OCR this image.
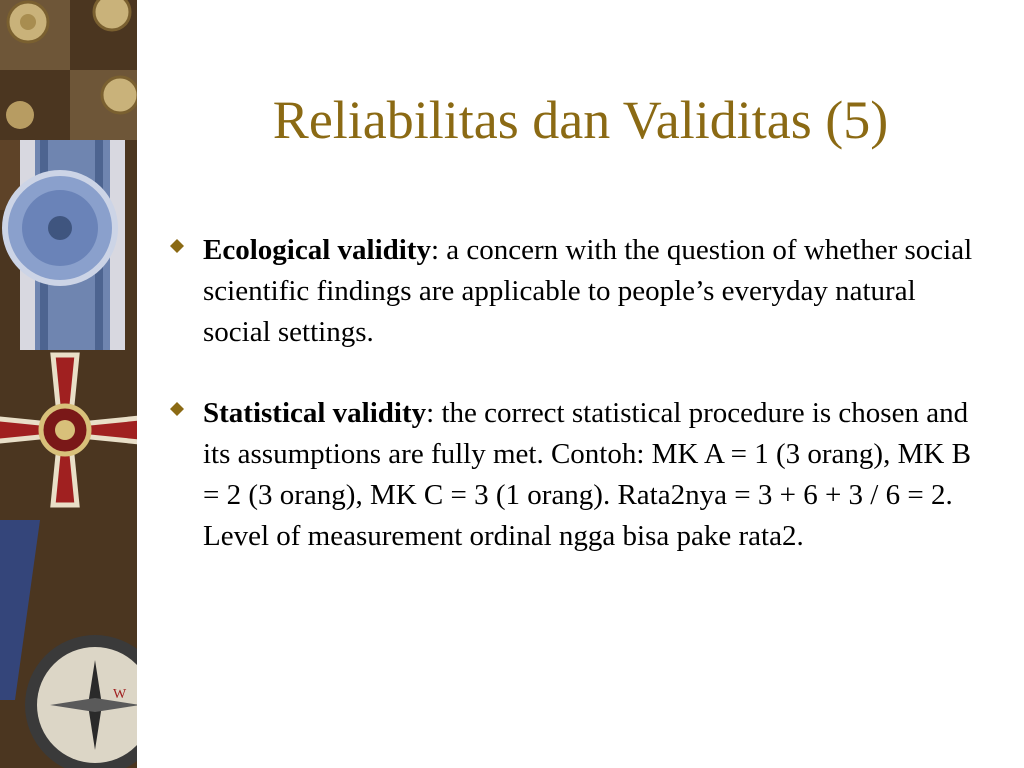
W
Reliabilitas dan Validitas (5)
Ecological validity: a concern with the question of whether social scientific findings are applicable to people’s everyday natural social settings.
Statistical validity: the correct statistical procedure is chosen and its assumptions are fully met. Contoh: MK A = 1 (3 orang), MK B = 2 (3 orang), MK C = 3 (1 orang). Rata2nya = 3 + 6 + 3 / 6 = 2. Level of measurement ordinal ngga bisa pake rata2.
